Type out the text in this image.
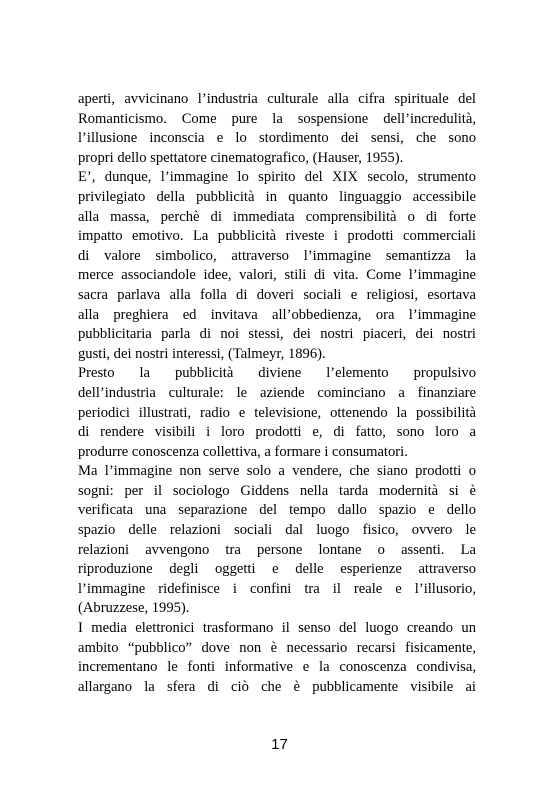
aperti, avvicinano l’industria culturale alla cifra spirituale del
Romanticismo. Come pure la sospensione dell’incredulità,
l’illusione inconscia e lo stordimento dei sensi, che sono
propri dello spettatore cinematografico, (Hauser, 1955).
E’, dunque, l’immagine lo spirito del XIX secolo, strumento
privilegiato della pubblicità in quanto linguaggio accessibile
alla massa, perchè di immediata comprensibilità o di forte
impatto emotivo. La pubblicità riveste i prodotti commerciali
di valore simbolico, attraverso l’immagine semantizza la
merce associandole idee, valori, stili di vita. Come l’immagine
sacra parlava alla folla di doveri sociali e religiosi, esortava
alla preghiera ed invitava all’obbedienza, ora l’immagine
pubblicitaria parla di noi stessi, dei nostri piaceri, dei nostri
gusti, dei nostri interessi, (Talmeyr, 1896).
Presto la pubblicità diviene l’elemento propulsivo
dell’industria culturale: le aziende cominciano a finanziare
periodici illustrati, radio e televisione, ottenendo la possibilità
di rendere visibili i loro prodotti e, di fatto, sono loro a
produrre conoscenza collettiva, a formare i consumatori.
Ma l’immagine non serve solo a vendere, che siano prodotti o
sogni: per il sociologo Giddens nella tarda modernità si è
verificata una separazione del tempo dallo spazio e dello
spazio delle relazioni sociali dal luogo fisico, ovvero le
relazioni avvengono tra persone lontane o assenti. La
riproduzione degli oggetti e delle esperienze attraverso
l’immagine ridefinisce i confini tra il reale e l’illusorio,
(Abruzzese, 1995).
I media elettronici trasformano il senso del luogo creando un
ambito “pubblico” dove non è necessario recarsi fisicamente,
incrementano le fonti informative e la conoscenza condivisa,
allargano la sfera di ciò che è pubblicamente visibile ai
17
